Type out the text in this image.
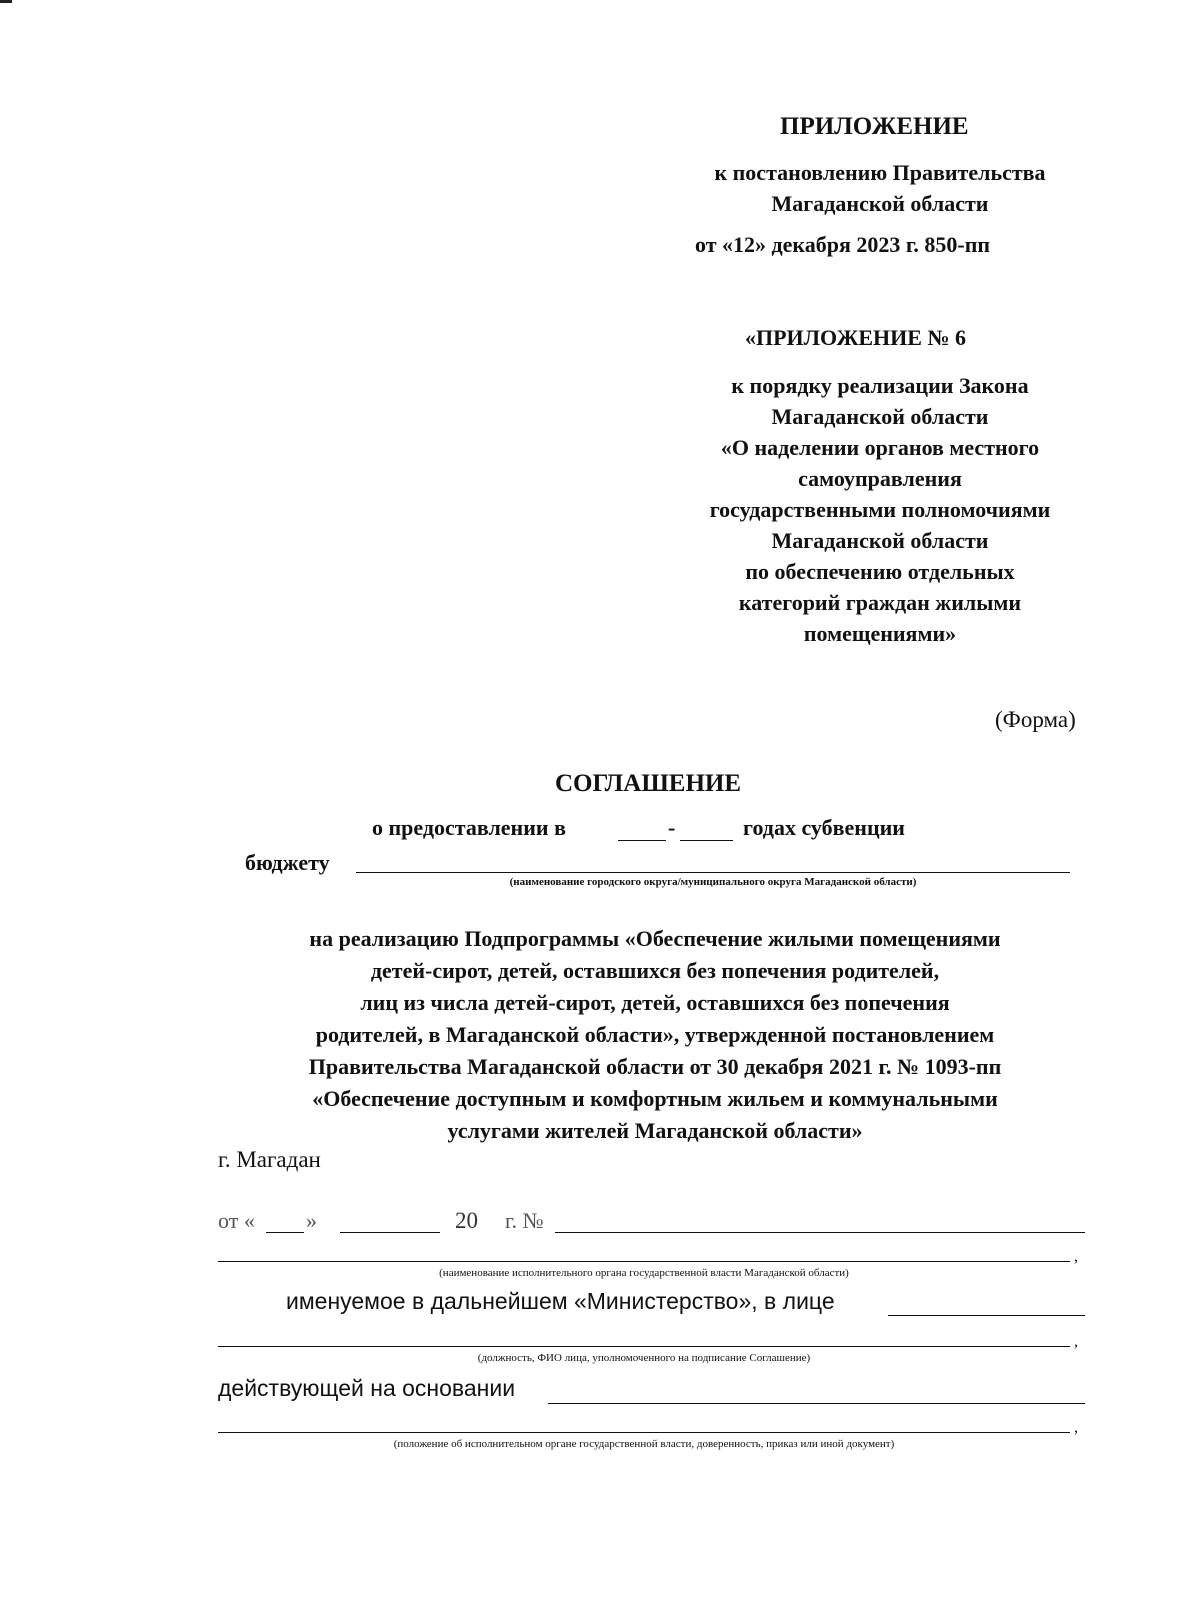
ПРИЛОЖЕНИЕ
к постановлению Правительства
Магаданской области
от «12» декабря 2023 г. 850-пп
«ПРИЛОЖЕНИЕ № 6
к порядку реализации Закона
Магаданской области
«О наделении органов местного
самоуправления
государственными полномочиями
Магаданской области
по обеспечению отдельных
категорий граждан жилыми
помещениями»
(Форма)
СОГЛАШЕНИЕ
о предоставлении в	-	годах субвенции
бюджету
(наименование городского округа/муниципального округа Магаданской области)
на реализацию Подпрограммы «Обеспечение жилыми помещениями
детей-сирот, детей, оставшихся без попечения родителей,
лиц из числа детей-сирот, детей, оставшихся без попечения
родителей, в Магаданской области», утвержденной постановлением
Правительства Магаданской области от 30 декабря 2021 г. № 1093-пп
«Обеспечение доступным и комфортным жильем и коммунальными
услугами жителей Магаданской области»
г. Магадан
от « »	20 г. №
,
(наименование исполнительного органа государственной власти Магаданской области)
именуемое в дальнейшем «Министерство», в лице
,
(должность, ФИО лица, уполномоченного на подписание Соглашение)
действующей на основании
,
(положение об исполнительном органе государственной власти, доверенность, приказ или иной документ)
